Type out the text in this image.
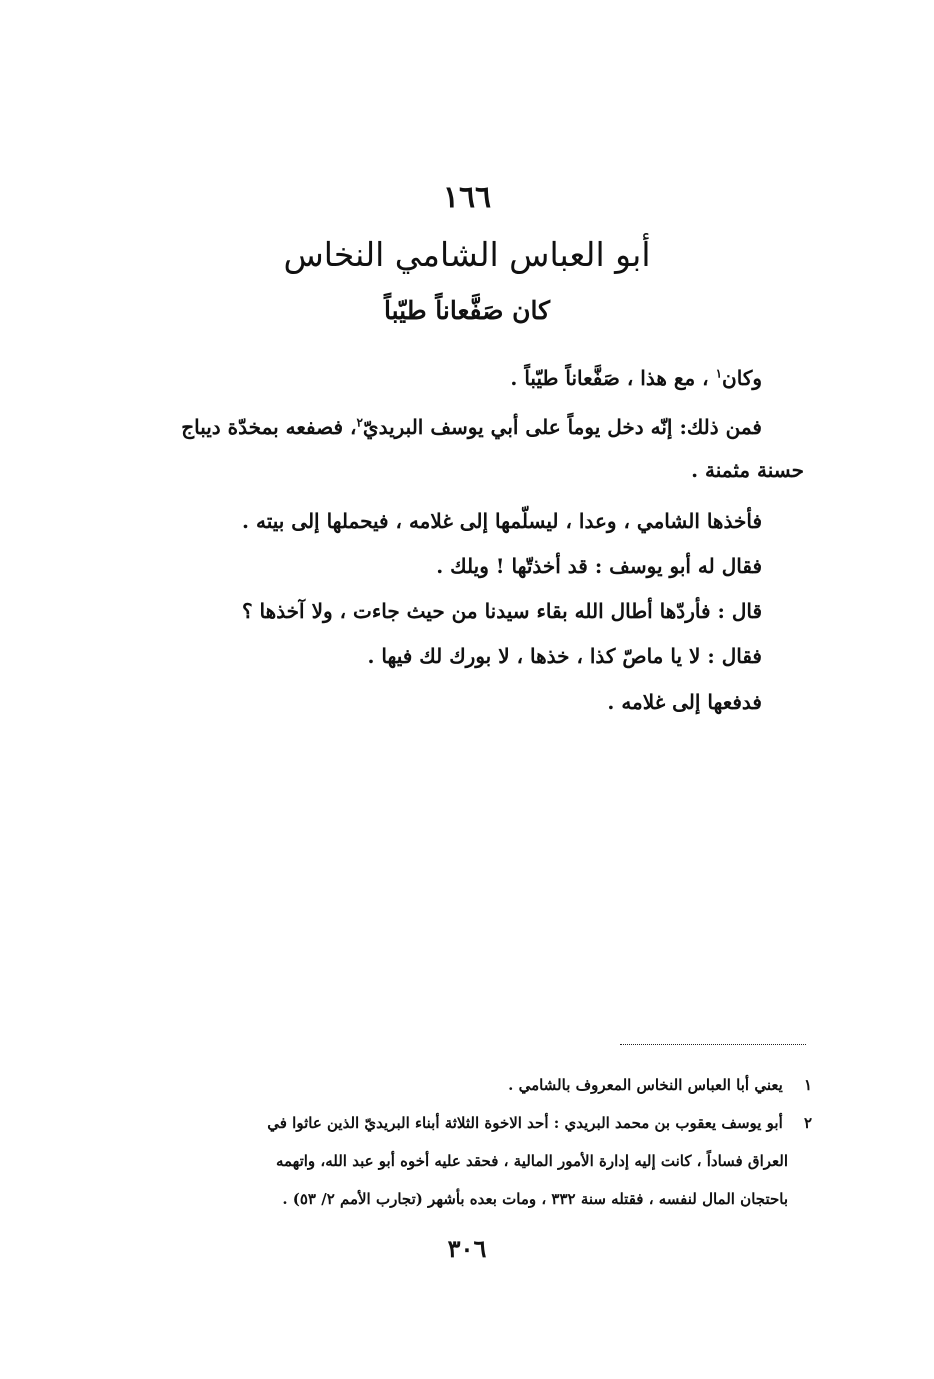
١٦٦
أبو العباس الشامي النخاس
كان صَفَّعاناً طيّباً
وكان$^١$ ، مع هذا ، صَفَّعاناً طيّباً .
فمن ذلك: إنّه دخل يوماً على أبي يوسف البريديّ$^٢$، فصفعه بمخدّة ديباج
حسنة مثمنة .
فأخذها الشامي ، وعدا ، ليسلّمها إلى غلامه ، فيحملها إلى بيته .
فقال له أبو يوسف : قد أخذتّها ! ويلك .
قال : فأردّها أطال الله بقاء سيدنا من حيث جاءت ، ولا آخذها ؟
فقال : لا يا ماصّ كذا ، خذها ، لا بورك لك فيها .
فدفعها إلى غلامه .
١ يعني أبا العباس النخاس المعروف بالشامي .
٢ أبو يوسف يعقوب بن محمد البريدي : أحد الاخوة الثلاثة أبناء البريديّ الذين عاثوا في
العراق فساداً ، كانت إليه إدارة الأمور المالية ، فحقد عليه أخوه أبو عبد الله، واتهمه
باحتجان المال لنفسه ، فقتله سنة ٣٣٢ ، ومات بعده بأشهر (تجارب الأمم ٢/ ٥٣) .
٣٠٦
